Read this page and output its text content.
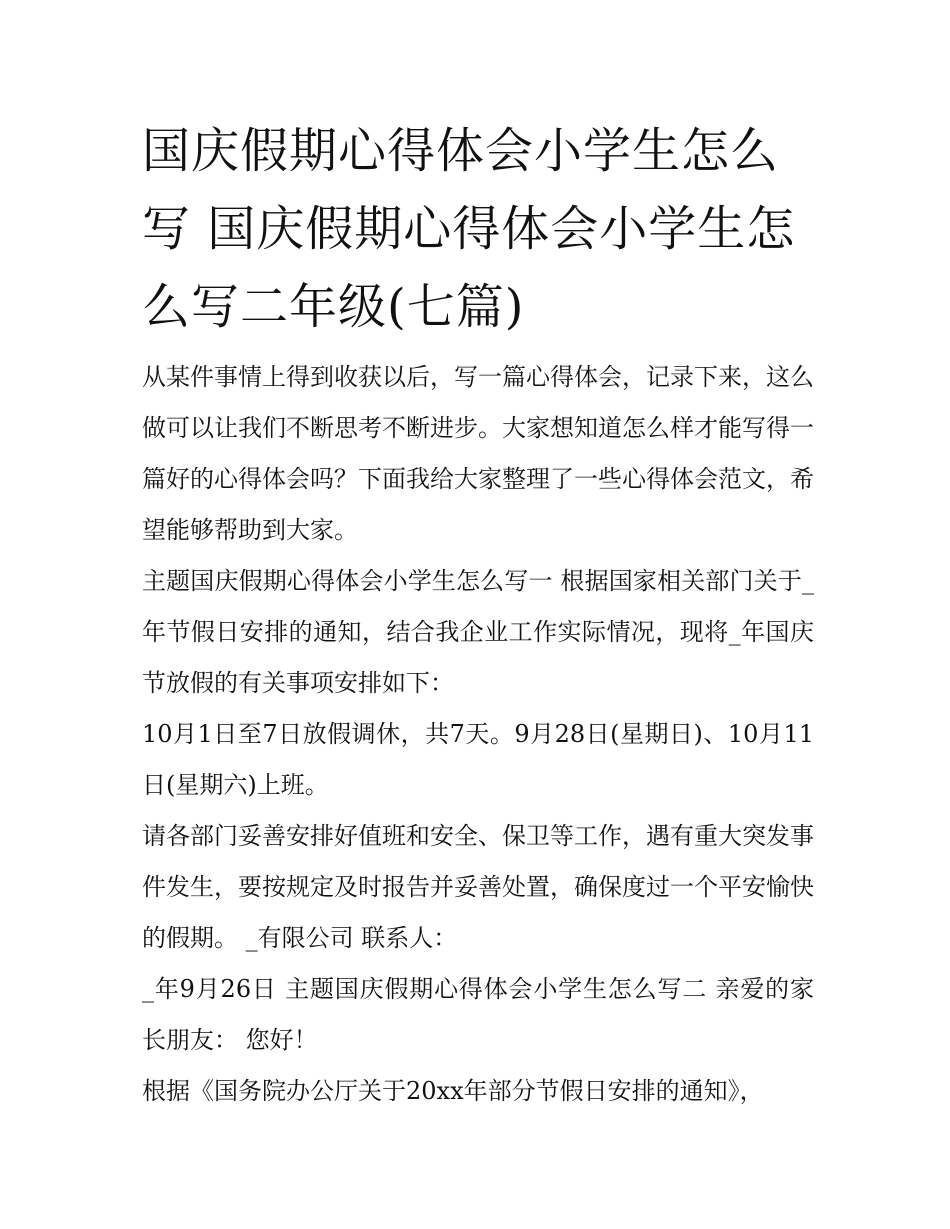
国庆假期心得体会小学生怎么写 国庆假期心得体会小学生怎么写二年级(七篇)

从某件事情上得到收获以后，写一篇心得体会，记录下来，这么做可以让我们不断思考不断进步。大家想知道怎么样才能写得一篇好的心得体会吗？下面我给大家整理了一些心得体会范文，希望能够帮助到大家。

主题国庆假期心得体会小学生怎么写一 根据国家相关部门关于_年节假日安排的通知，结合我企业工作实际情况，现将_年国庆节放假的有关事项安排如下：

10月1日至7日放假调休，共7天。9月28日(星期日)、10月11日(星期六)上班。

请各部门妥善安排好值班和安全、保卫等工作，遇有重大突发事件发生，要按规定及时报告并妥善处置，确保度过一个平安愉快的假期。 _有限公司 联系人：

_年9月26日 主题国庆假期心得体会小学生怎么写二 亲爱的家长朋友： 您好！

根据《国务院办公厅关于20xx年部分节假日安排的通知》，
